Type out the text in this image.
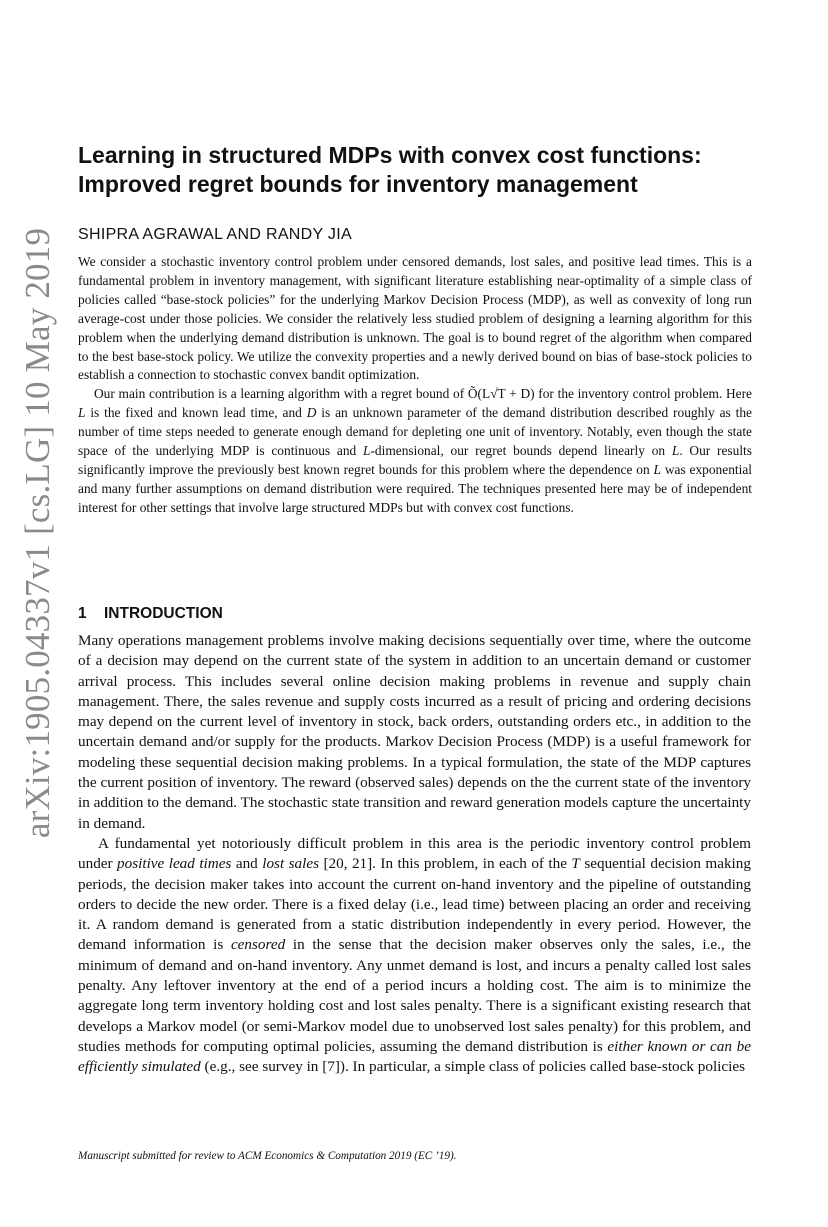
arXiv:1905.04337v1 [cs.LG] 10 May 2019
Learning in structured MDPs with convex cost functions:
Improved regret bounds for inventory management
SHIPRA AGRAWAL AND RANDY JIA

We consider a stochastic inventory control problem under censored demands, lost sales, and positive lead times. This is a fundamental problem in inventory management, with significant literature establishing near-optimality of a simple class of policies called “base-stock policies” for the underlying Markov Decision Process (MDP), as well as convexity of long run average-cost under those policies. We consider the relatively less studied problem of designing a learning algorithm for this problem when the underlying demand distribution is unknown. The goal is to bound regret of the algorithm when compared to the best base-stock policy. We utilize the convexity properties and a newly derived bound on bias of base-stock policies to establish a connection to stochastic convex bandit optimization.

Our main contribution is a learning algorithm with a regret bound of Õ(L√T + D) for the inventory control problem. Here L is the fixed and known lead time, and D is an unknown parameter of the demand distribution described roughly as the number of time steps needed to generate enough demand for depleting one unit of inventory. Notably, even though the state space of the underlying MDP is continuous and L-dimensional, our regret bounds depend linearly on L. Our results significantly improve the previously best known regret bounds for this problem where the dependence on L was exponential and many further assumptions on demand distribution were required. The techniques presented here may be of independent interest for other settings that involve large structured MDPs but with convex cost functions.

1 INTRODUCTION

Many operations management problems involve making decisions sequentially over time, where the outcome of a decision may depend on the current state of the system in addition to an uncertain demand or customer arrival process. This includes several online decision making problems in revenue and supply chain management. There, the sales revenue and supply costs incurred as a result of pricing and ordering decisions may depend on the current level of inventory in stock, back orders, outstanding orders etc., in addition to the uncertain demand and/or supply for the products. Markov Decision Process (MDP) is a useful framework for modeling these sequential decision making problems. In a typical formulation, the state of the MDP captures the current position of inventory. The reward (observed sales) depends on the the current state of the inventory in addition to the demand. The stochastic state transition and reward generation models capture the uncertainty in demand.

A fundamental yet notoriously difficult problem in this area is the periodic inventory control problem under positive lead times and lost sales [20, 21]. In this problem, in each of the T sequential decision making periods, the decision maker takes into account the current on-hand inventory and the pipeline of outstanding orders to decide the new order. There is a fixed delay (i.e., lead time) between placing an order and receiving it. A random demand is generated from a static distribution independently in every period. However, the demand information is censored in the sense that the decision maker observes only the sales, i.e., the minimum of demand and on-hand inventory. Any unmet demand is lost, and incurs a penalty called lost sales penalty. Any leftover inventory at the end of a period incurs a holding cost. The aim is to minimize the aggregate long term inventory holding cost and lost sales penalty. There is a significant existing research that develops a Markov model (or semi-Markov model due to unobserved lost sales penalty) for this problem, and studies methods for computing optimal policies, assuming the demand distribution is either known or can be efficiently simulated (e.g., see survey in [7]). In particular, a simple class of policies called base-stock policies

Manuscript submitted for review to ACM Economics & Computation 2019 (EC ’19).
